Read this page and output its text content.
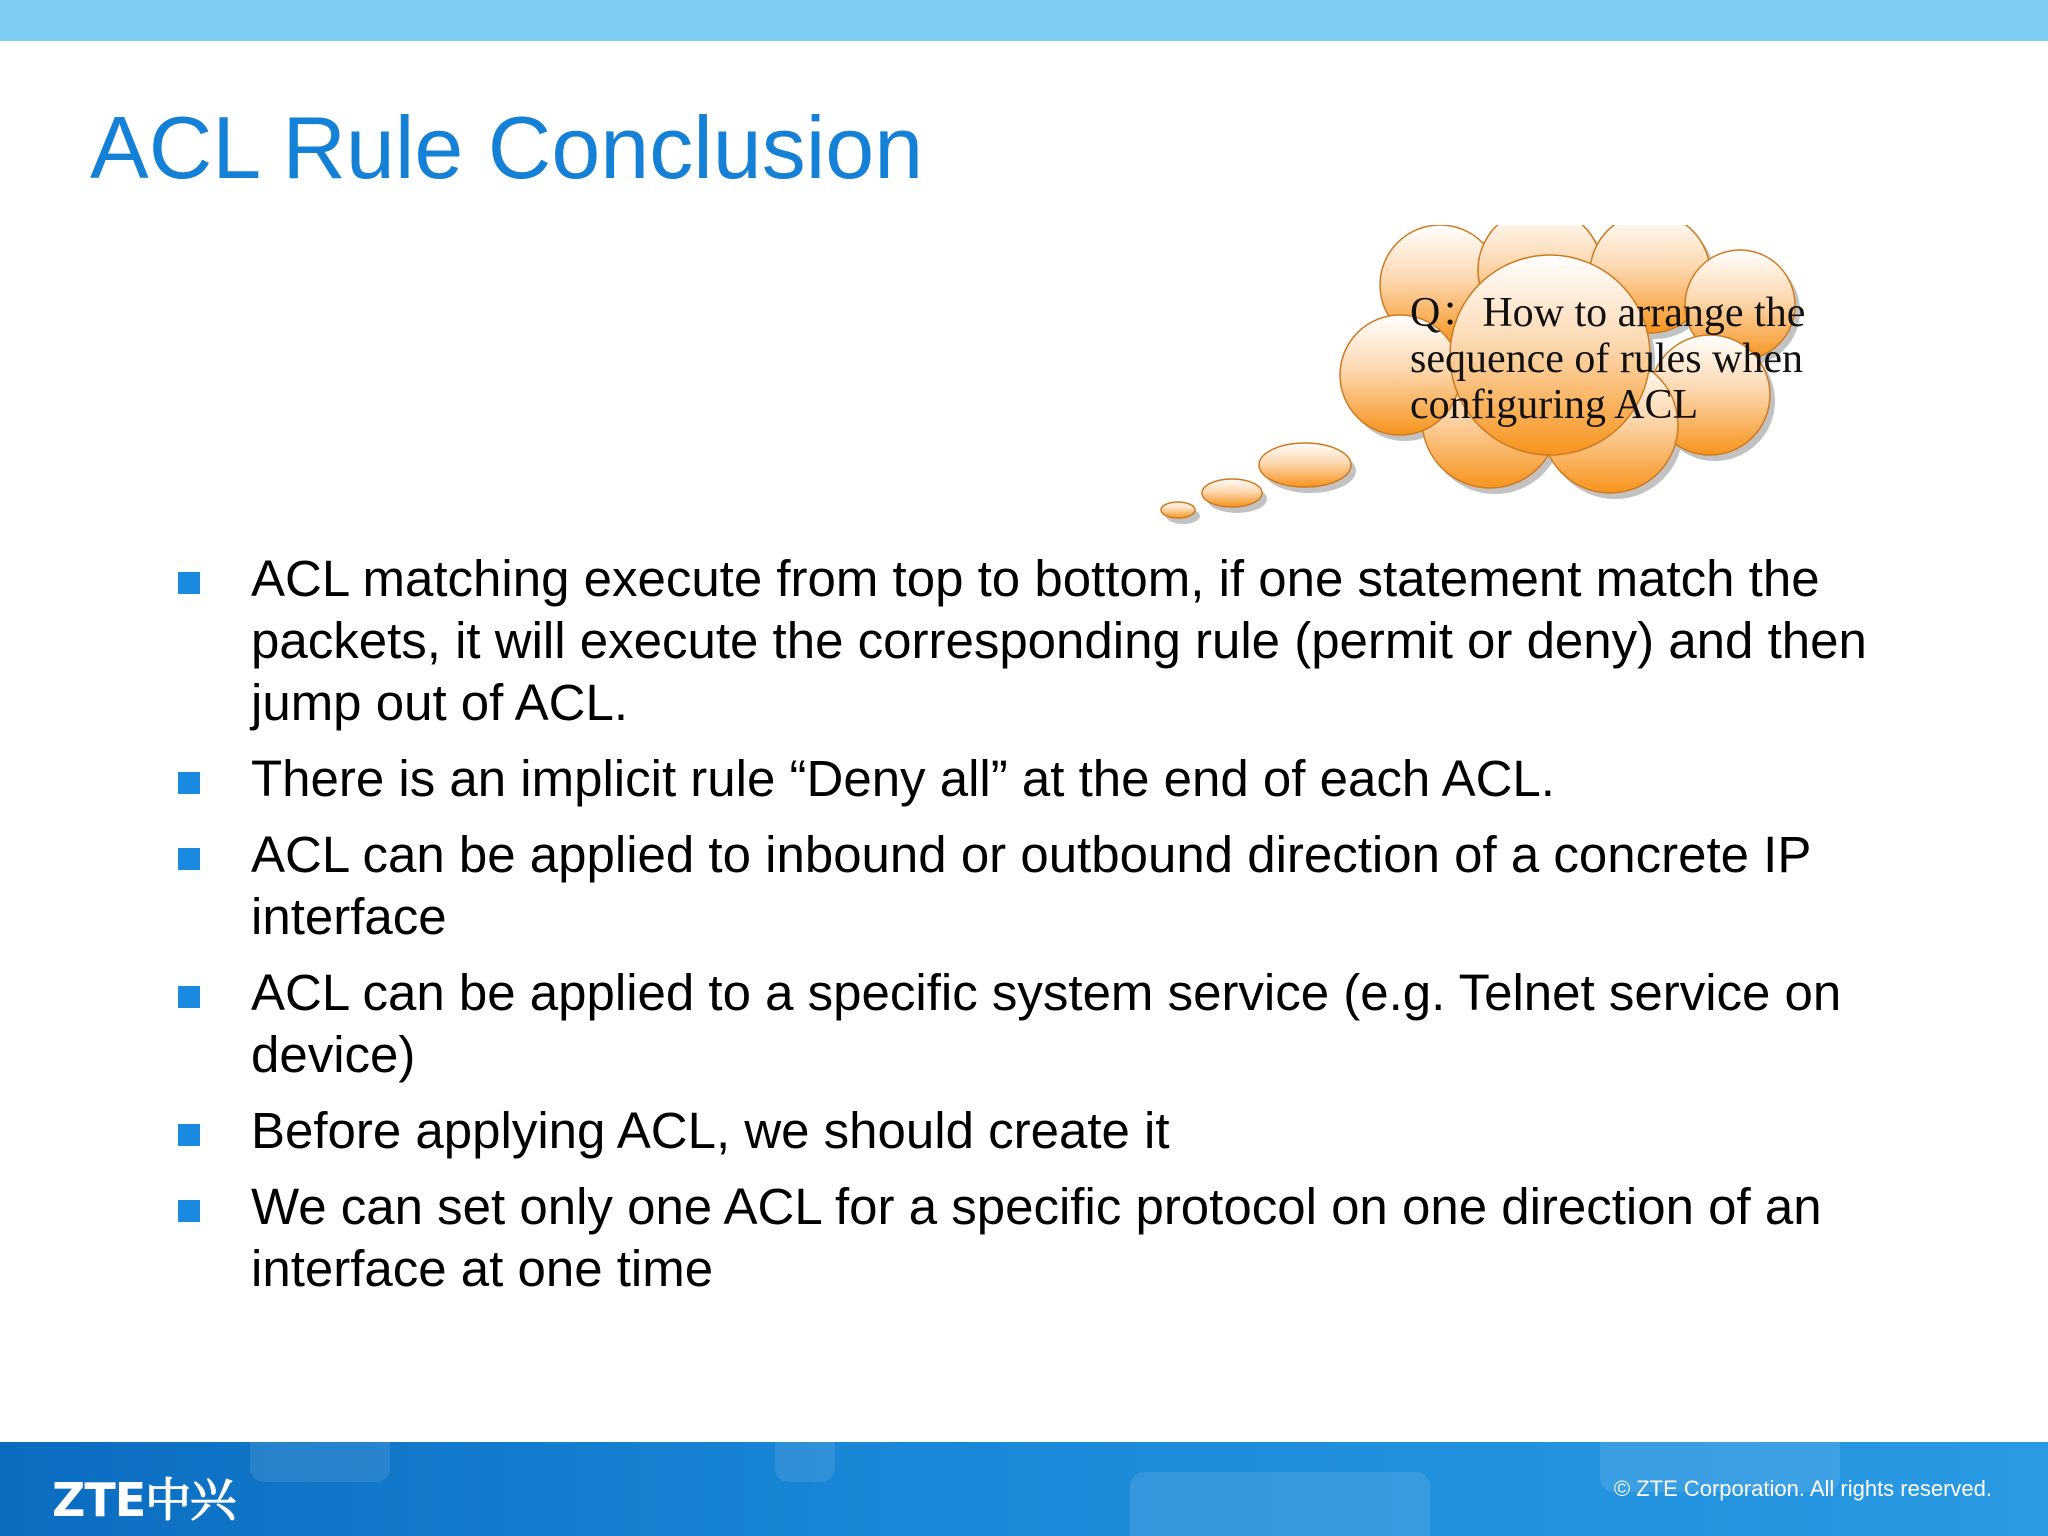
ACL Rule Conclusion

Q：How to arrange the sequence of rules when configuring ACL

ACL matching execute from top to bottom, if one statement match the packets, it will execute the corresponding rule (permit or deny) and then jump out of ACL.
There is an implicit rule “Deny all” at the end of each ACL.
ACL can be applied to inbound or outbound direction of a concrete IP interface
ACL can be applied to a specific system service (e.g. Telnet service on device)
Before applying ACL, we should create it
We can set only one ACL for a specific protocol on one direction of an interface at one time

ZTE中兴	© ZTE Corporation. All rights reserved.
